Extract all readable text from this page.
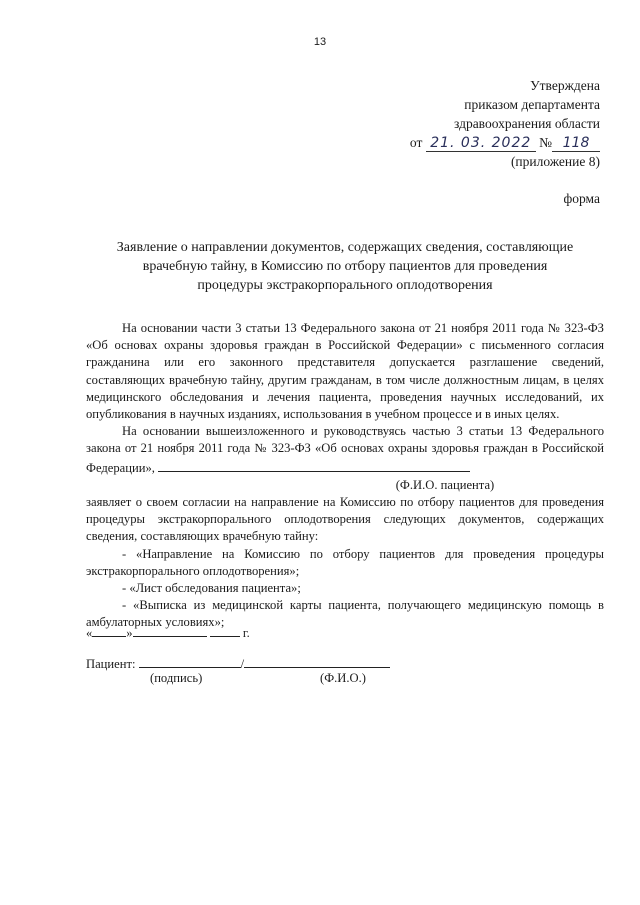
13
Утверждена
приказом департамента
здравоохранения области
от 21. 03. 2022 № 118
(приложение 8)
форма
Заявление о направлении документов, содержащих сведения, составляющие
врачебную тайну, в Комиссию по отбору пациентов для проведения
процедуры экстракорпорального оплодотворения

На основании части 3 статьи 13 Федерального закона от 21 ноября 2011 года № 323-ФЗ «Об основах охраны здоровья граждан в Российской Федерации» с письменного согласия гражданина или его законного представителя допускается разглашение сведений, составляющих врачебную тайну, другим гражданам, в том числе должностным лицам, в целях медицинского обследования и лечения пациента, проведения научных исследований, их опубликования в научных изданиях, использования в учебном процессе и в иных целях.

На основании вышеизложенного и руководствуясь частью 3 статьи 13 Федерального закона от 21 ноября 2011 года № 323-ФЗ «Об основах охраны здоровья граждан в Российской Федерации»,

(Ф.И.О. пациента)

заявляет о своем согласии на направление на Комиссию по отбору пациентов для проведения процедуры экстракорпорального оплодотворения следующих документов, содержащих сведения, составляющих врачебную тайну:

- «Направление на Комиссию по отбору пациентов для проведения процедуры экстракорпорального оплодотворения»;

- «Лист обследования пациента»;

- «Выписка из медицинской карты пациента, получающего медицинскую помощь в амбулаторных условиях»;

«	»	г.
Пациент:	/
(подпись)	(Ф.И.О.)
